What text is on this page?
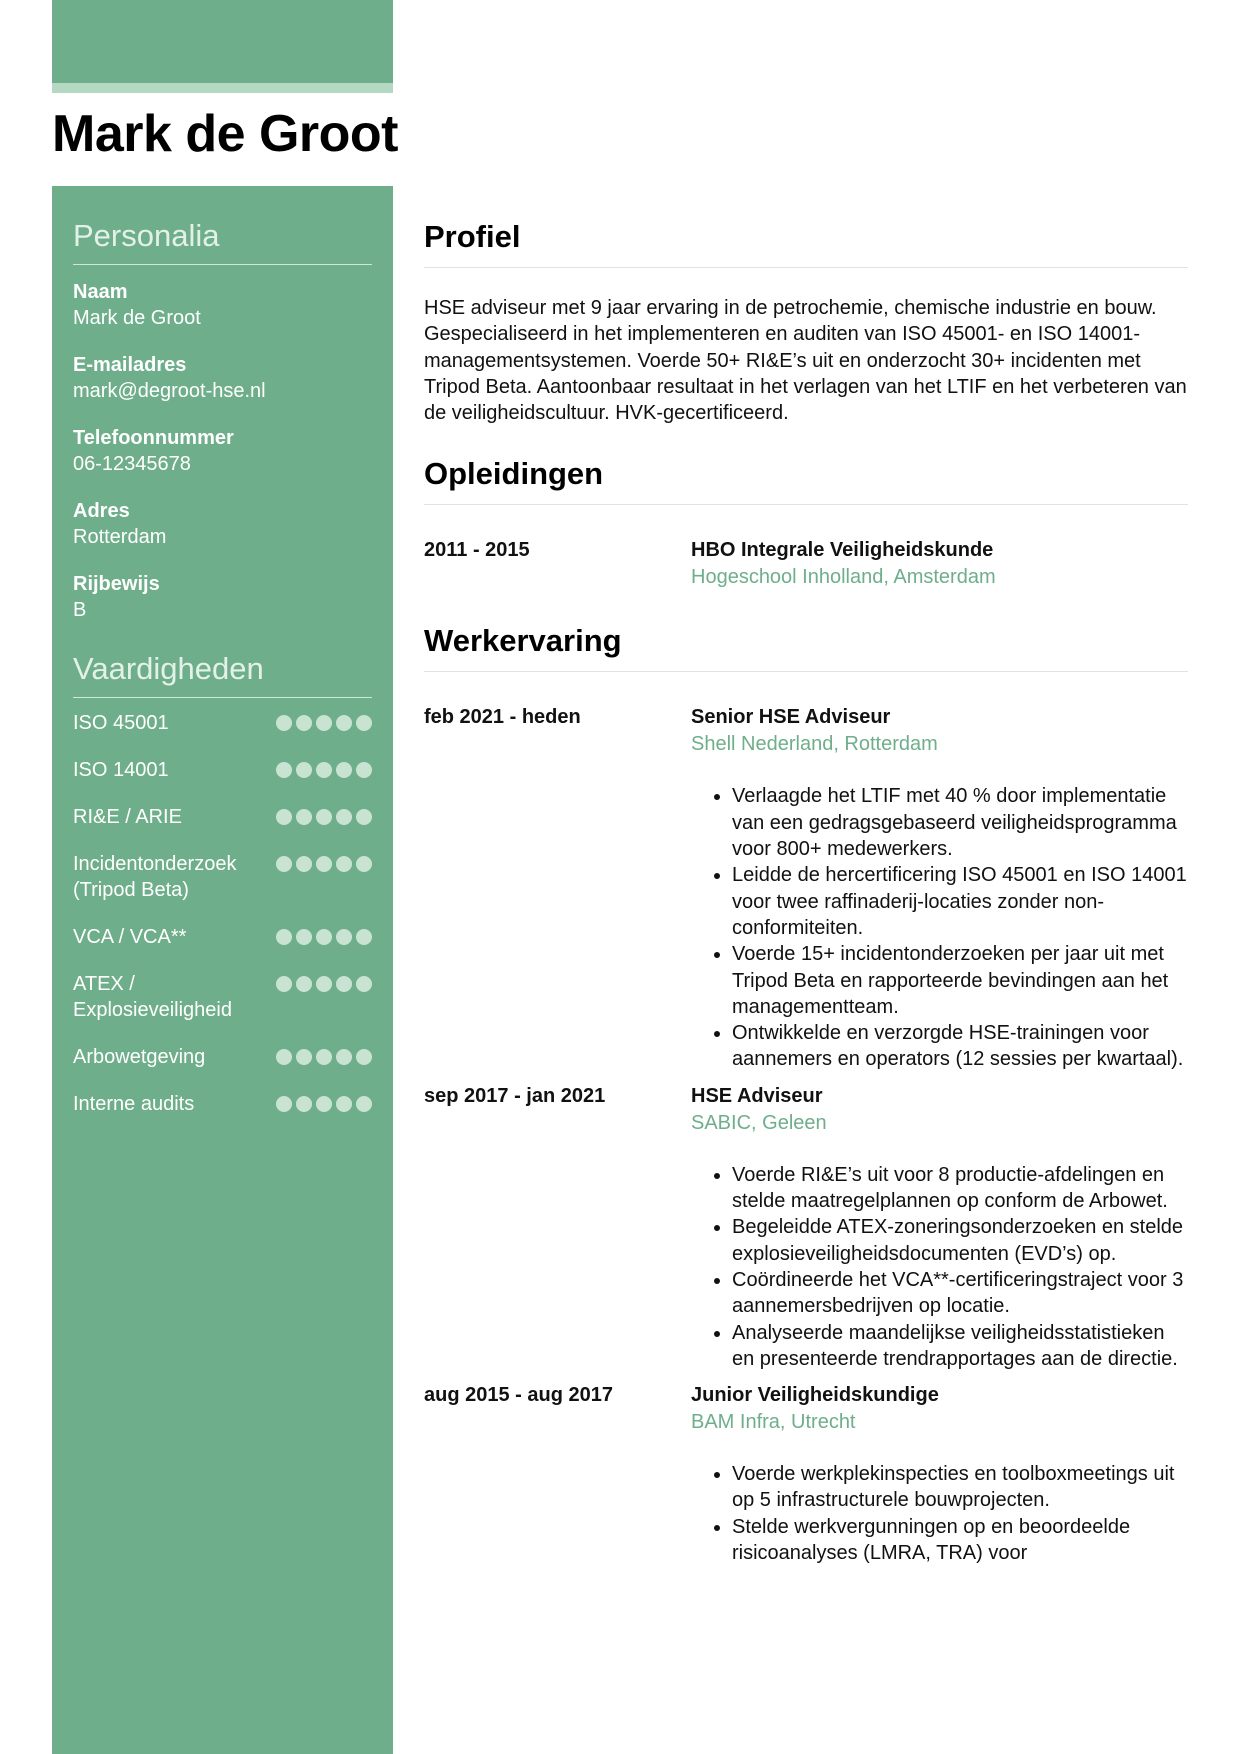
Mark de Groot
Personalia
Naam
Mark de Groot
E-mailadres
mark@degroot-hse.nl
Telefoonnummer
06-12345678
Adres
Rotterdam
Rijbewijs
B
Vaardigheden
ISO 45001
ISO 14001
RI&E / ARIE
Incidentonderzoek (Tripod Beta)
VCA / VCA**
ATEX / Explosieveiligheid
Arbowetgeving
Interne audits
Profiel

HSE adviseur met 9 jaar ervaring in de petrochemie, chemische industrie en bouw. Gespecialiseerd in het implementeren en auditen van ISO 45001- en ISO 14001-managementsystemen. Voerde 50+ RI&E’s uit en onderzocht 30+ incidenten met Tripod Beta. Aantoonbaar resultaat in het verlagen van het LTIF en het verbeteren van de veiligheidscultuur. HVK-gecertificeerd.

Opleidingen
2011 - 2015	HBO Integrale Veiligheidskunde
Hogeschool Inholland, Amsterdam
Werkervaring
feb 2021 - heden	Senior HSE Adviseur
Shell Nederland, Rotterdam
• Verlaagde het LTIF met 40 % door implementatie van een gedragsgebaseerd veiligheidsprogramma voor 800+ medewerkers.
• Leidde de hercertificering ISO 45001 en ISO 14001 voor twee raffinaderij-locaties zonder non-conformiteiten.
• Voerde 15+ incidentonderzoeken per jaar uit met Tripod Beta en rapporteerde bevindingen aan het managementteam.
• Ontwikkelde en verzorgde HSE-trainingen voor aannemers en operators (12 sessies per kwartaal).
sep 2017 - jan 2021	HSE Adviseur
SABIC, Geleen
• Voerde RI&E’s uit voor 8 productie-afdelingen en stelde maatregelplannen op conform de Arbowet.
• Begeleidde ATEX-zoneringsonderzoeken en stelde explosieveiligheidsdocumenten (EVD’s) op.
• Coördineerde het VCA**-certificeringstraject voor 3 aannemersbedrijven op locatie.
• Analyseerde maandelijkse veiligheidsstatistieken en presenteerde trendrapportages aan de directie.
aug 2015 - aug 2017	Junior Veiligheidskundige
BAM Infra, Utrecht
• Voerde werkplekinspecties en toolboxmeetings uit op 5 infrastructurele bouwprojecten.
• Stelde werkvergunningen op en beoordeelde risicoanalyses (LMRA, TRA) voor
